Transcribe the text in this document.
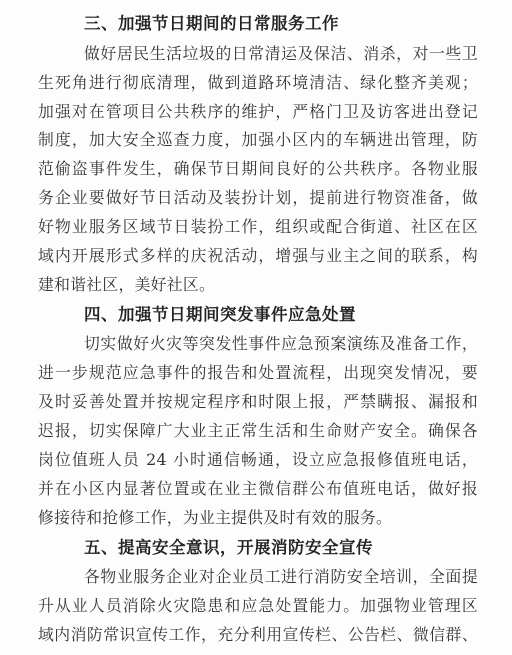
三、加强节日期间的日常服务工作
做好居民生活垃圾的日常清运及保洁、消杀，对一些卫
生死角进行彻底清理，做到道路环境清洁、绿化整齐美观；
加强对在管项目公共秩序的维护，严格门卫及访客进出登记
制度，加大安全巡查力度，加强小区内的车辆进出管理，防
范偷盗事件发生，确保节日期间良好的公共秩序。各物业服
务企业要做好节日活动及装扮计划，提前进行物资准备，做
好物业服务区域节日装扮工作，组织或配合街道、社区在区
域内开展形式多样的庆祝活动，增强与业主之间的联系，构
建和谐社区，美好社区。
四、加强节日期间突发事件应急处置
切实做好火灾等突发性事件应急预案演练及准备工作，
进一步规范应急事件的报告和处置流程，出现突发情况，要
及时妥善处置并按规定程序和时限上报，严禁瞒报、漏报和
迟报，切实保障广大业主正常生活和生命财产安全。确保各
岗位值班人员 24 小时通信畅通，设立应急报修值班电话，
并在小区内显著位置或在业主微信群公布值班电话，做好报
修接待和抢修工作，为业主提供及时有效的服务。
五、提高安全意识，开展消防安全宣传
各物业服务企业对企业员工进行消防安全培训，全面提
升从业人员消除火灾隐患和应急处置能力。加强物业管理区
域内消防常识宣传工作，充分利用宣传栏、公告栏、微信群、
